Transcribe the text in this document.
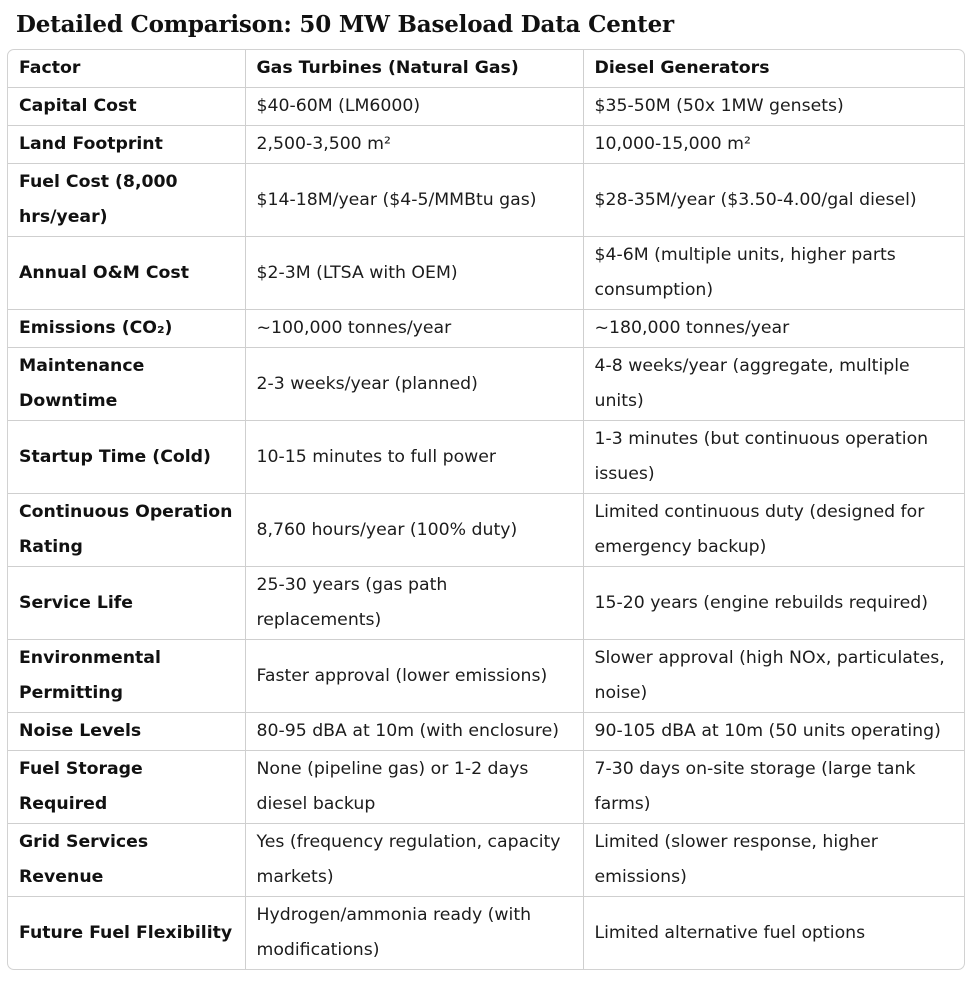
Detailed Comparison: 50 MW Baseload Data Center
Factor	Gas Turbines (Natural Gas)	Diesel Generators
Capital Cost	$40-60M (LM6000)	$35-50M (50x 1MW gensets)
Land Footprint	2,500-3,500 m²	10,000-15,000 m²
Fuel Cost (8,000 hrs/year)	$14-18M/year ($4-5/MMBtu gas)	$28-35M/year ($3.50-4.00/gal diesel)
Annual O&M Cost	$2-3M (LTSA with OEM)	$4-6M (multiple units, higher parts consumption)
Emissions (CO₂)	~100,000 tonnes/year	~180,000 tonnes/year
Maintenance Downtime	2-3 weeks/year (planned)	4-8 weeks/year (aggregate, multiple units)
Startup Time (Cold)	10-15 minutes to full power	1-3 minutes (but continuous operation issues)
Continuous Operation Rating	8,760 hours/year (100% duty)	Limited continuous duty (designed for emergency backup)
Service Life	25-30 years (gas path replacements)	15-20 years (engine rebuilds required)
Environmental Permitting	Faster approval (lower emissions)	Slower approval (high NOx, particulates, noise)
Noise Levels	80-95 dBA at 10m (with enclosure)	90-105 dBA at 10m (50 units operating)
Fuel Storage Required	None (pipeline gas) or 1-2 days diesel backup	7-30 days on-site storage (large tank farms)
Grid Services Revenue	Yes (frequency regulation, capacity markets)	Limited (slower response, higher emissions)
Future Fuel Flexibility	Hydrogen/ammonia ready (with modifications)	Limited alternative fuel options
